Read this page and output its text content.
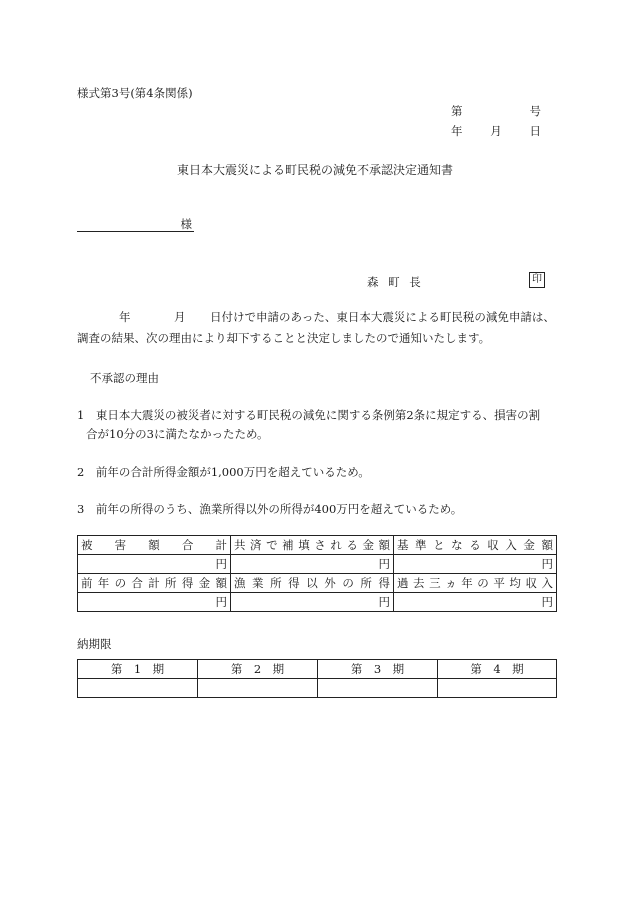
様式第3号(第4条関係)
第	号
年 月 日
東日本大震災による町民税の減免不承認決定通知書
様
森 町 長	印
年	月 日付けで申請のあった、東日本大震災による町民税の減免申請は、
調査の結果、次の理由により却下することと決定しましたので通知いたします。
不承認の理由
1　東日本大震災の被災者に対する町民税の減免に関する条例第2条に規定する、損害の割
合が10分の3に満たなかったため。
2　前年の合計所得金額が1,000万円を超えているため。
3　前年の所得のうち、漁業所得以外の所得が400万円を超えているため。
被害額合計	共済で補填される金額	基準となる収入金額
円	円	円
前年の合計所得金額	漁業所得以外の所得	過去三ヵ年の平均収入
円	円	円
納期限
第　1　期	第　2　期	第　3　期	第　4　期
